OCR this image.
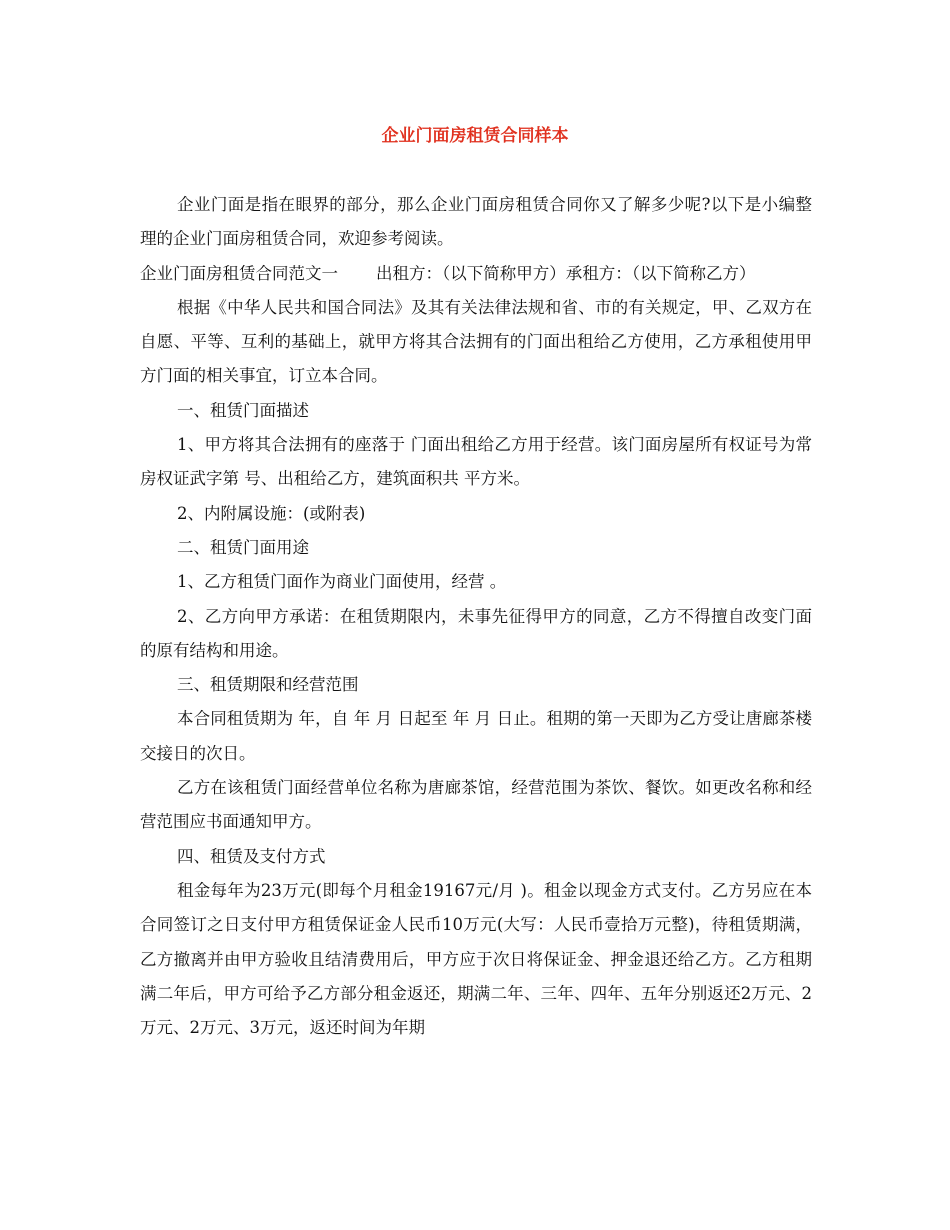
企业门面房租赁合同样本

企业门面是指在眼界的部分，那么企业门面房租赁合同你又了解多少呢?以下是小编整理的企业门面房租赁合同，欢迎参考阅读。

企业门面房租赁合同范文一 出租方：（以下简称甲方）承租方：（以下简称乙方）

根据《中华人民共和国合同法》及其有关法律法规和省、市的有关规定，甲、乙双方在自愿、平等、互利的基础上，就甲方将其合法拥有的门面出租给乙方使用，乙方承租使用甲方门面的相关事宜，订立本合同。

一、租赁门面描述

1、甲方将其合法拥有的座落于 门面出租给乙方用于经营。该门面房屋所有权证号为常房权证武字第 号、出租给乙方，建筑面积共 平方米。

2、内附属设施：(或附表)

二、租赁门面用途

1、乙方租赁门面作为商业门面使用，经营 。

2、乙方向甲方承诺：在租赁期限内，未事先征得甲方的同意，乙方不得擅自改变门面的原有结构和用途。

三、租赁期限和经营范围

本合同租赁期为 年，自 年 月 日起至 年 月 日止。租期的第一天即为乙方受让唐廊茶楼交接日的次日。

乙方在该租赁门面经营单位名称为唐廊茶馆，经营范围为茶饮、餐饮。如更改名称和经营范围应书面通知甲方。

四、租赁及支付方式

租金每年为23万元(即每个月租金19167元/月 )。租金以现金方式支付。乙方另应在本合同签订之日支付甲方租赁保证金人民币10万元(大写：人民币壹拾万元整)，待租赁期满，乙方撤离并由甲方验收且结清费用后，甲方应于次日将保证金、押金退还给乙方。乙方租期满二年后，甲方可给予乙方部分租金返还，期满二年、三年、四年、五年分别返还2万元、2万元、2万元、3万元，返还时间为年期
